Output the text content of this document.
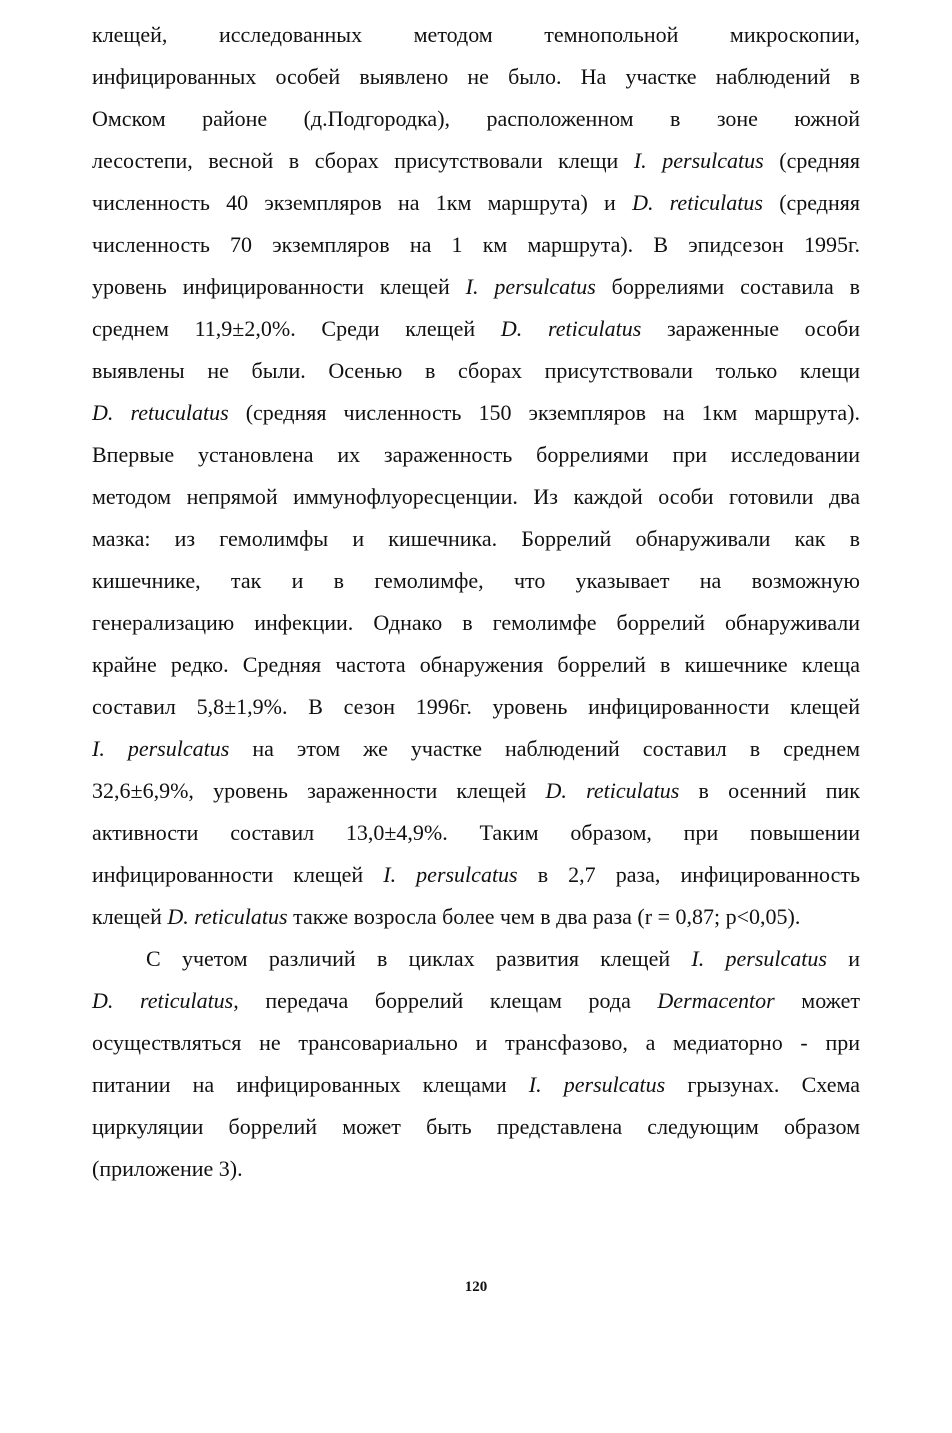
клещей, исследованных методом темнопольной микроскопии,
инфицированных особей выявлено не было. На участке наблюдений в
Омском районе (д.Подгородка), расположенном в зоне южной
лесостепи, весной в сборах присутствовали клещи I. persulcatus (средняя
численность 40 экземпляров на 1км маршрута) и D. reticulatus (средняя
численность 70 экземпляров на 1 км маршрута). В эпидсезон 1995г.
уровень инфицированности клещей I. persulcatus боррелиями составила в
среднем 11,9±2,0%. Среди клещей D. reticulatus зараженные особи
выявлены не были. Осенью в сборах присутствовали только клещи
D. retuculatus (средняя численность 150 экземпляров на 1км маршрута).
Впервые установлена их зараженность боррелиями при исследовании
методом непрямой иммунофлуоресценции. Из каждой особи готовили два
мазка: из гемолимфы и кишечника. Боррелий обнаруживали как в
кишечнике, так и в гемолимфе, что указывает на возможную
генерализацию инфекции. Однако в гемолимфе боррелий обнаруживали
крайне редко. Средняя частота обнаружения боррелий в кишечнике клеща
составил 5,8±1,9%. В сезон 1996г. уровень инфицированности клещей
I. persulcatus на этом же участке наблюдений составил в среднем
32,6±6,9%, уровень зараженности клещей D. reticulatus в осенний пик
активности составил 13,0±4,9%. Таким образом, при повышении
инфицированности клещей I. persulcatus в 2,7 раза, инфицированность
клещей D. reticulatus также возросла более чем в два раза (r = 0,87; p<0,05).
С учетом различий в циклах развития клещей I. persulcatus и
D. reticulatus, передача боррелий клещам рода Dermacentor может
осуществляться не трансовариально и трансфазово, а медиаторно - при
питании на инфицированных клещами I. persulcatus грызунах. Схема
циркуляции боррелий может быть представлена следующим образом
(приложение 3).
120
